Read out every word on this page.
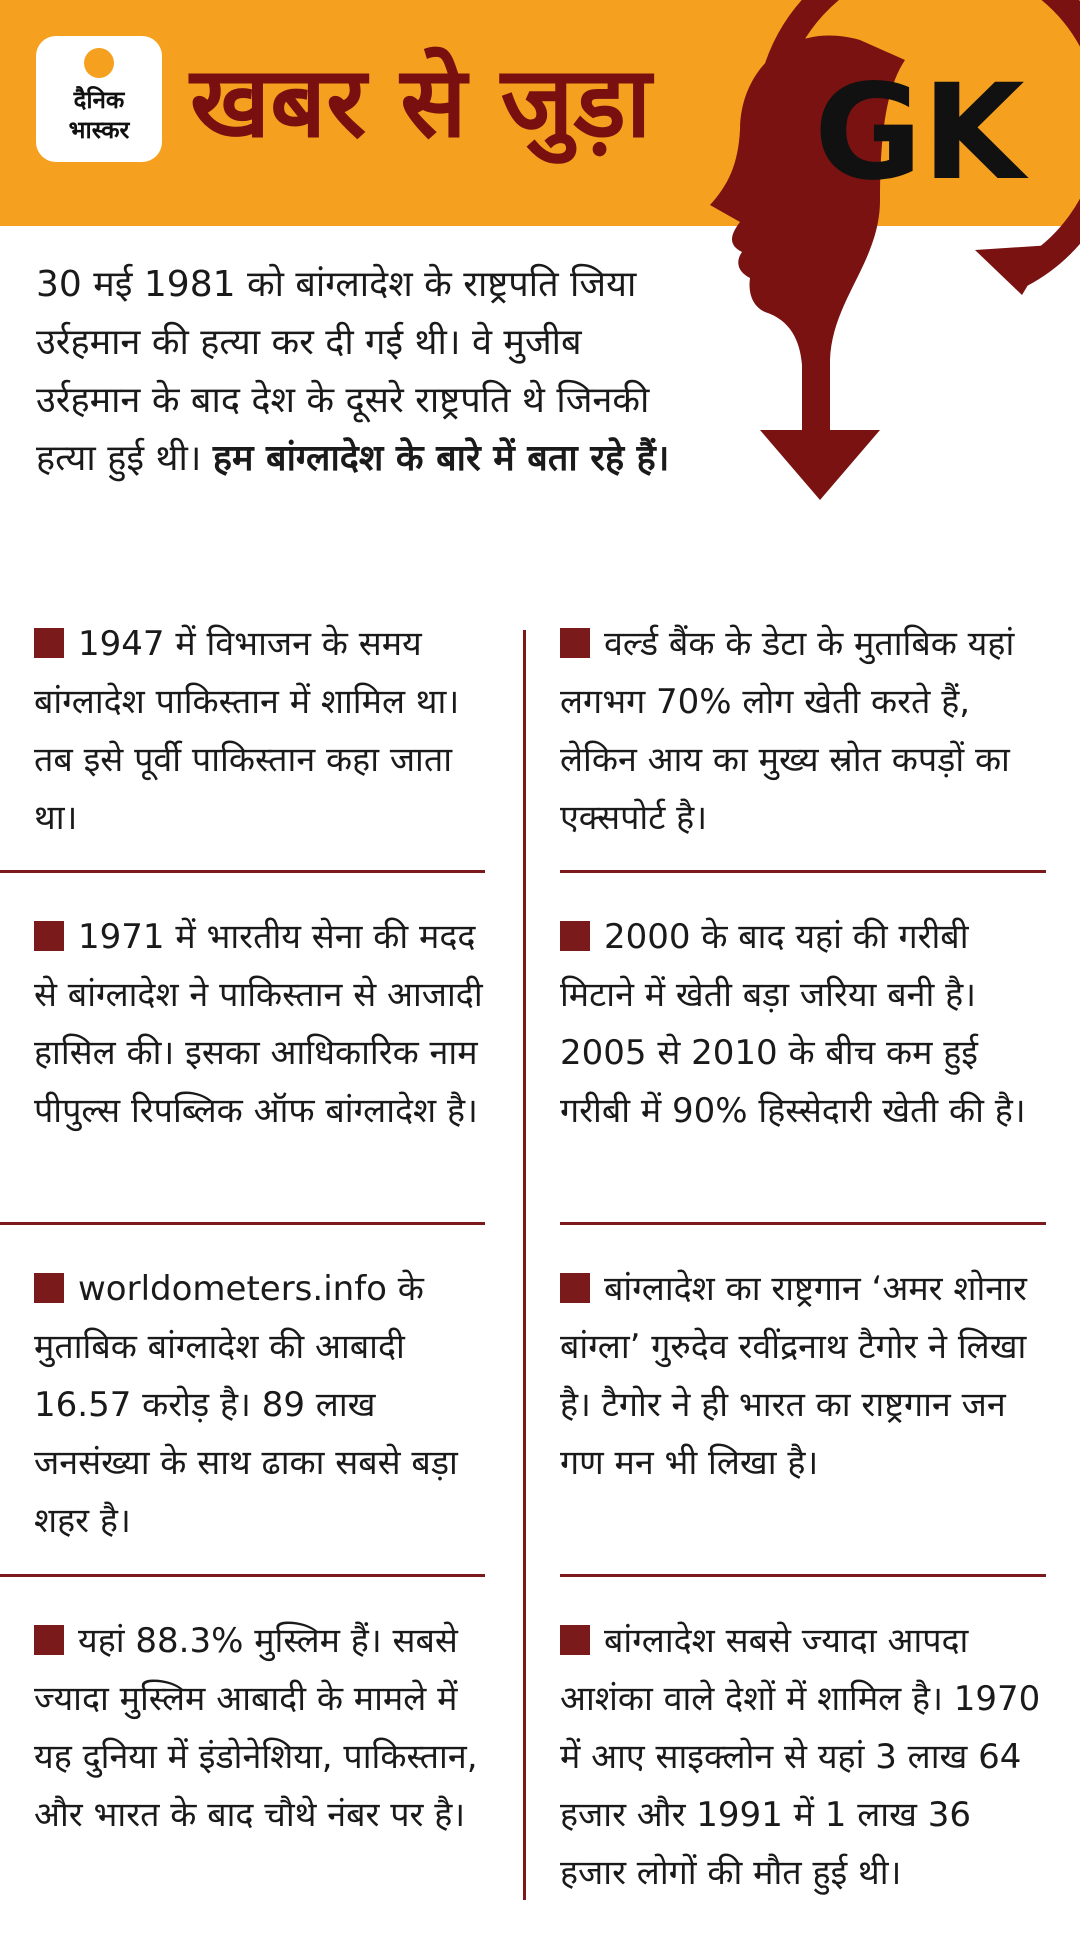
दैनिक
भास्कर खबर से जुड़ा GK
30 मई 1981 को बांग्लादेश के राष्ट्रपति जिया उर्रहमान की हत्या कर दी गई थी। वे मुजीब उर्रहमान के बाद देश के दूसरे राष्ट्रपति थे जिनकी हत्या हुई थी। हम बांग्लादेश के बारे में बता रहे हैं।
1947 में विभाजन के समय बांग्लादेश पाकिस्तान में शामिल था। तब इसे पूर्वी पाकिस्तान कहा जाता था।
1971 में भारतीय सेना की मदद से बांग्लादेश ने पाकिस्तान से आजादी हासिल की। इसका आधिकारिक नाम पीपुल्स रिपब्लिक ऑफ बांग्लादेश है।
worldometers.info के मुताबिक बांग्लादेश की आबादी 16.57 करोड़ है। 89 लाख जनसंख्या के साथ ढाका सबसे बड़ा शहर है।
यहां 88.3% मुस्लिम हैं। सबसे ज्यादा मुस्लिम आबादी के मामले में यह दुनिया में इंडोनेशिया, पाकिस्तान, और भारत के बाद चौथे नंबर पर है।
वर्ल्ड बैंक के डेटा के मुताबिक यहां लगभग 70% लोग खेती करते हैं, लेकिन आय का मुख्य स्रोत कपड़ों का एक्सपोर्ट है।
2000 के बाद यहां की गरीबी मिटाने में खेती बड़ा जरिया बनी है। 2005 से 2010 के बीच कम हुई गरीबी में 90% हिस्सेदारी खेती की है।
बांग्लादेश का राष्ट्रगान ‘अमर शोनार बांग्ला’ गुरुदेव रवींद्रनाथ टैगोर ने लिखा है। टैगोर ने ही भारत का राष्ट्रगान जन गण मन भी लिखा है।
बांग्लादेश सबसे ज्यादा आपदा आशंका वाले देशों में शामिल है। 1970 में आए साइक्लोन से यहां 3 लाख 64 हजार और 1991 में 1 लाख 36 हजार लोगों की मौत हुई थी।
